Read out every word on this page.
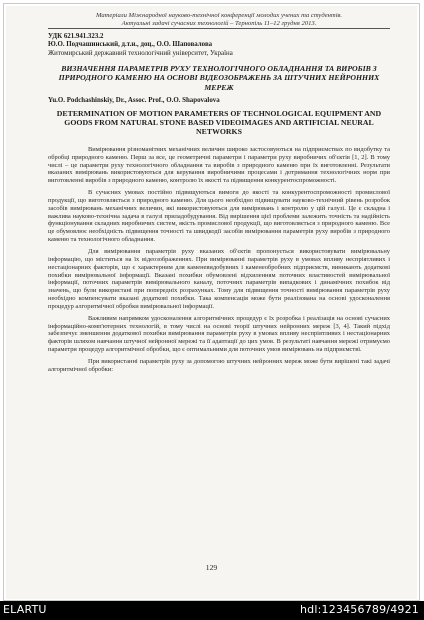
Матеріали Міжнародної науково-технічної конференції молодих учених та студентів.
Актуальні задачі сучасних технологій – Тернопіль 11–12 грудня 2013.
УДК 621.941.323.2
Ю.О. Подчашинський, д.т.н., доц., О.О. Шаповалова
Житомирський державний технологічний університет, Україна
ВИЗНАЧЕННЯ ПАРАМЕТРІВ РУХУ ТЕХНОЛОГІЧНОГО ОБЛАДНАННЯ ТА ВИРОБІВ З ПРИРОДНОГО КАМЕНЮ НА ОСНОВІ ВІДЕОЗОБРАЖЕНЬ ЗА ШТУЧНИХ НЕЙРОННИХ МЕРЕЖ
Yu.O. Podchashinskiy, Dr., Assoc. Prof., O.O. Shapovalova
DETERMINATION OF MOTION PARAMETERS OF TECHNOLOGICAL EQUIPMENT AND GOODS FROM NATURAL STONE BASED VIDEOIMAGES AND ARTIFICIAL NEURAL NETWORKS

Вимірювання різноманітних механічних величин широко застосовуються на підприємствах по видобутку та обробці природного каменю. Перш за все, це геометричні параметри і параметри руху виробничих об'єктів [1, 2]. В тому числі – це параметри руху технологічного обладнання та виробів з природного каменю при їх виготовленні. Результати вказаних вимірювань використовуються для керування виробничими процесами і дотримання технологічних норм при виготовленні виробів з природного каменю, контролю їх якості та підвищення конкурентоспроможності.

В сучасних умовах постійно підвищуються вимоги до якості та конкурентоспроможності промислової продукції, що виготовляється з природного каменю. Для цього необхідно підвищувати науково-технічний рівень розробок засобів вимірювань механічних величин, які використовуються для вимірювань і контролю у цій галузі. Це є складна і важлива науково-технічна задача в галузі приладобудування. Від вирішення цієї проблеми залежить точність та надійність функціонування складних виробничих систем, якість промислової продукції, що виготовляється з природного каменю. Все це обумовлює необхідність підвищення точності та швидкодії засобів вимірювання параметрів руху виробів з природного каменю та технологічного обладнання.

Для вимірювання параметрів руху вказаних об'єктів пропонується використовувати вимірювальну інформацію, що міститься на їх відеозображеннях. При вимірюванні параметрів руху в умовах впливу неспріятливих і нестаціонарних факторів, що є характерним для каменевидобувних і каменеобробних підприємств, виникають додаткові похибки вимірювальної інформації. Вказані похибки обумовлені відхиленням поточних властивостей вимірювальної інформації, поточних параметрів вимірювального каналу, поточних параметрів випадкових і динамічних похибок від значень, що були використані при попередніх розрахунках. Тому для підвищення точності вимірювання параметрів руху необхідно компенсувати вказані додаткові похибки. Така компенсація може бути реалізована на основі удосконалення процедур алгоритмічної обробки вимірювальної інформації.

Важливим напрямком удосконалення алгоритмічних процедур є їх розробка і реалізація на основі сучасних інформаційно-комп'ютерних технологій, в тому числі на основі теорії штучних нейронних мереж [3, 4]. Такий підхід забезпечує зменшення додаткової похибки вимірювання параметрів руху в умовах впливу неспріятливих і нестаціонарних факторів шляхом навчання штучної нейронної мережі та її адаптації до цих умов. В результаті навчання мережі отримуємо параметри процедур алгоритмічної обробки, що є оптимальними для поточних умов вимірювань на підприємстві.

При використанні параметрів руху за допомогою штучних нейронних мереж може бути вирішені такі задачі алгоритмічної обробки:

129
ELARTU	hdl:123456789/4921
